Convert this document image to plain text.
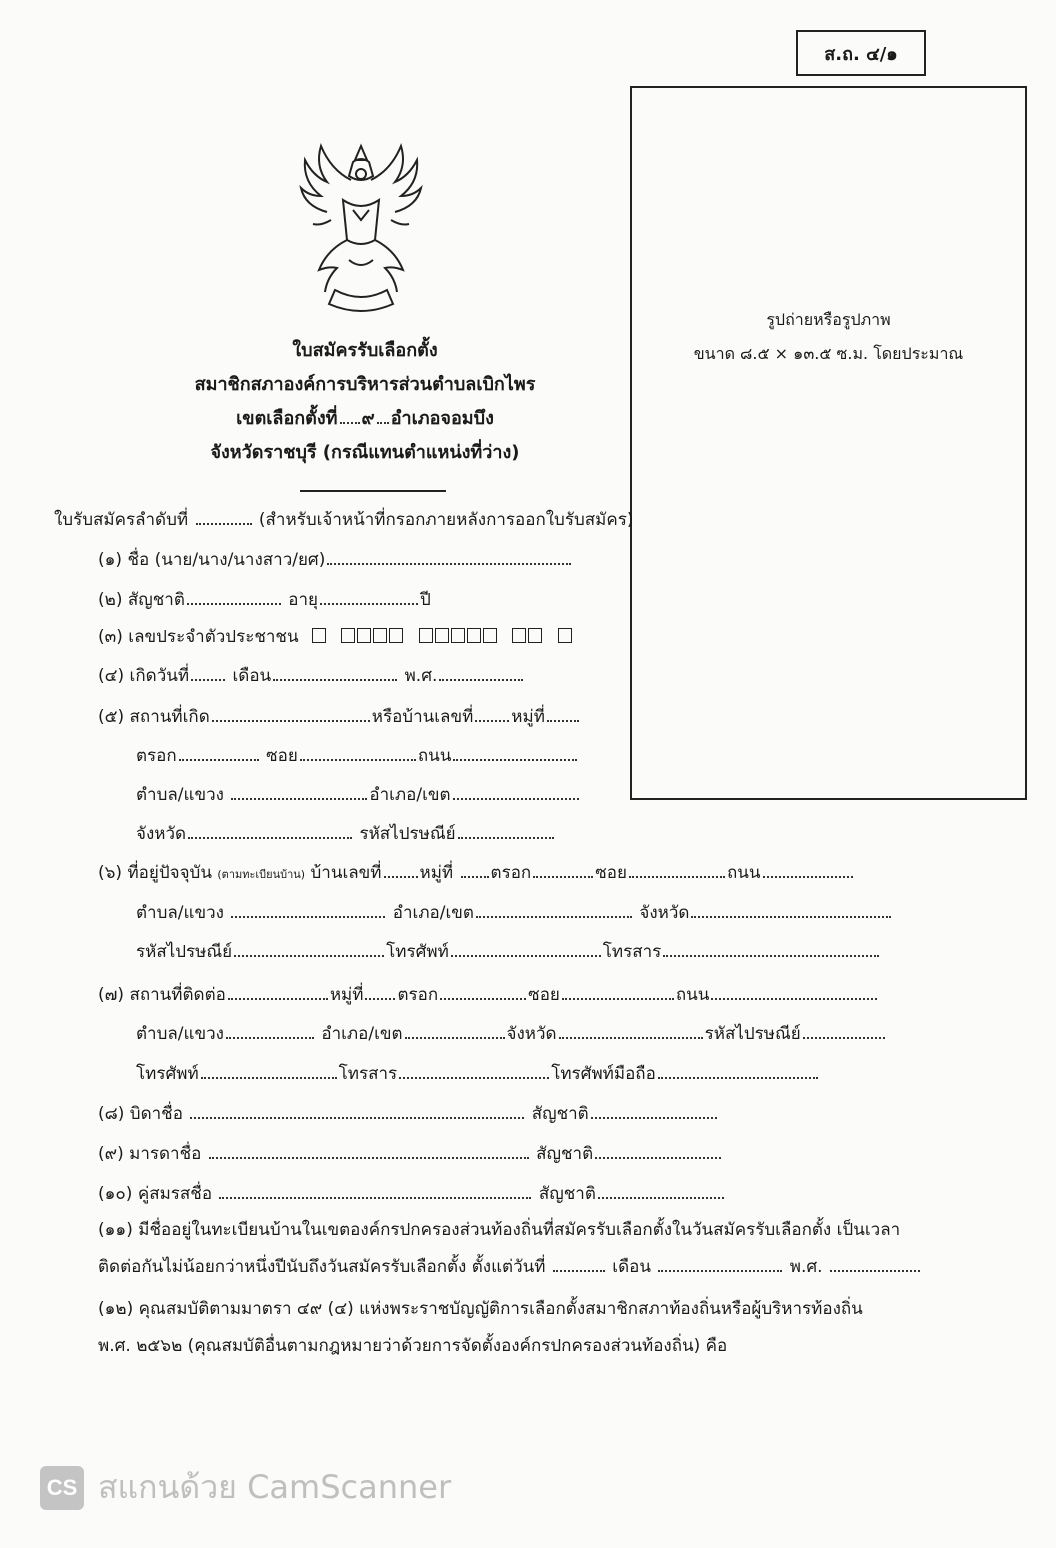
ส.ถ. ๔/๑
รูปถ่ายหรือรูปภาพ
ขนาด ๘.๕ × ๑๓.๕ ซ.ม. โดยประมาณ
ใบสมัครรับเลือกตั้ง
สมาชิกสภาองค์การบริหารส่วนตำบลเบิกไพร
เขตเลือกตั้งที่ ๙ อำเภอจอมบึง
จังหวัดราชบุรี (กรณีแทนตำแหน่งที่ว่าง)
ใบรับสมัครลำดับที่	(สำหรับเจ้าหน้าที่กรอกภายหลังการออกใบรับสมัคร)
(๑) ชื่อ (นาย/นาง/นางสาว/ยศ)
(๒) สัญชาติ	อายุ	ปี
(๓) เลขประจำตัวประชาชน
(๔) เกิดวันที่	เดือน	พ.ศ.
(๕) สถานที่เกิด	หรือบ้านเลขที่ หมู่ที่
ตรอก	ซอย	ถนน
ตำบล/แขวง	อำเภอ/เขต
จังหวัด	รหัสไปรษณีย์
(๖) ที่อยู่ปัจจุบัน (ตามทะเบียนบ้าน) บ้านเลขที่ หมู่ที่ ตรอก	ซอย	ถนน
ตำบล/แขวง	อำเภอ/เขต	จังหวัด
รหัสไปรษณีย์	โทรศัพท์	โทรสาร
(๗) สถานที่ติดต่อ	หมู่ที่ ตรอก	ซอย	ถนน
ตำบล/แขวง	อำเภอ/เขต	จังหวัด	รหัสไปรษณีย์
โทรศัพท์	โทรสาร	โทรศัพท์มือถือ
(๘) บิดาชื่อ	สัญชาติ
(๙) มารดาชื่อ	สัญชาติ
(๑๐) คู่สมรสชื่อ	สัญชาติ
(๑๑) มีชื่ออยู่ในทะเบียนบ้านในเขตองค์กรปกครองส่วนท้องถิ่นที่สมัครรับเลือกตั้งในวันสมัครรับเลือกตั้ง เป็นเวลา
ติดต่อกันไม่น้อยกว่าหนึ่งปีนับถึงวันสมัครรับเลือกตั้ง ตั้งแต่วันที่	เดือน	พ.ศ.
(๑๒) คุณสมบัติตามมาตรา ๔๙ (๔) แห่งพระราชบัญญัติการเลือกตั้งสมาชิกสภาท้องถิ่นหรือผู้บริหารท้องถิ่น
พ.ศ. ๒๕๖๒ (คุณสมบัติอื่นตามกฎหมายว่าด้วยการจัดตั้งองค์กรปกครองส่วนท้องถิ่น) คือ
CS สแกนด้วย CamScanner
